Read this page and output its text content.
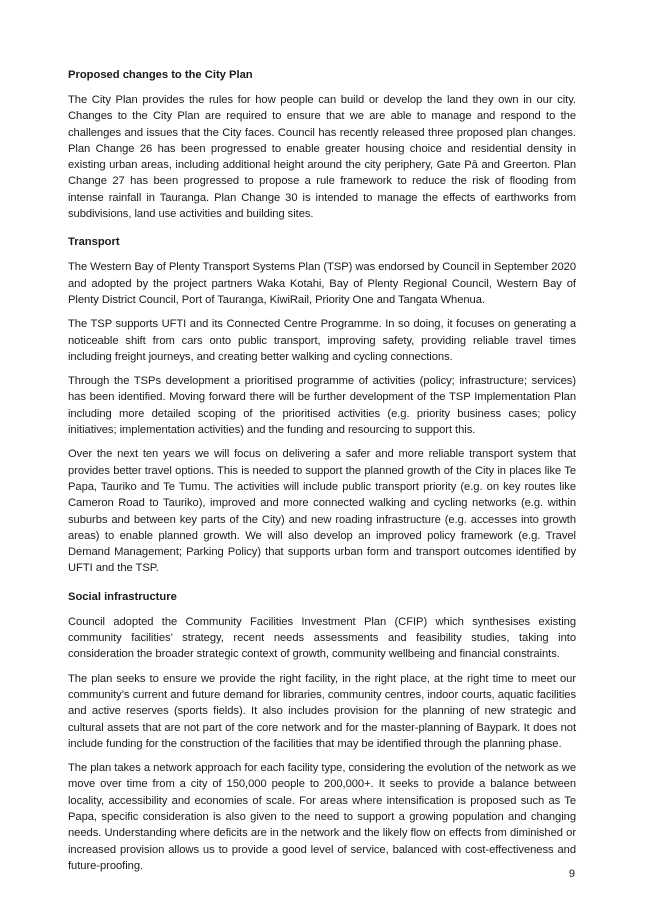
Proposed changes to the City Plan

The City Plan provides the rules for how people can build or develop the land they own in our city. Changes to the City Plan are required to ensure that we are able to manage and respond to the challenges and issues that the City faces. Council has recently released three proposed plan changes. Plan Change 26 has been progressed to enable greater housing choice and residential density in existing urban areas, including additional height around the city periphery, Gate Pā and Greerton. Plan Change 27 has been progressed to propose a rule framework to reduce the risk of flooding from intense rainfall in Tauranga. Plan Change 30 is intended to manage the effects of earthworks from subdivisions, land use activities and building sites.

Transport

The Western Bay of Plenty Transport Systems Plan (TSP) was endorsed by Council in September 2020 and adopted by the project partners Waka Kotahi, Bay of Plenty Regional Council, Western Bay of Plenty District Council, Port of Tauranga, KiwiRail, Priority One and Tangata Whenua.

The TSP supports UFTI and its Connected Centre Programme. In so doing, it focuses on generating a noticeable shift from cars onto public transport, improving safety, providing reliable travel times including freight journeys, and creating better walking and cycling connections.

Through the TSPs development a prioritised programme of activities (policy; infrastructure; services) has been identified. Moving forward there will be further development of the TSP Implementation Plan including more detailed scoping of the prioritised activities (e.g. priority business cases; policy initiatives; implementation activities) and the funding and resourcing to support this.

Over the next ten years we will focus on delivering a safer and more reliable transport system that provides better travel options. This is needed to support the planned growth of the City in places like Te Papa, Tauriko and Te Tumu. The activities will include public transport priority (e.g. on key routes like Cameron Road to Tauriko), improved and more connected walking and cycling networks (e.g. within suburbs and between key parts of the City) and new roading infrastructure (e.g. accesses into growth areas) to enable planned growth. We will also develop an improved policy framework (e.g. Travel Demand Management; Parking Policy) that supports urban form and transport outcomes identified by UFTI and the TSP.

Social infrastructure

Council adopted the Community Facilities Investment Plan (CFIP) which synthesises existing community facilities’ strategy, recent needs assessments and feasibility studies, taking into consideration the broader strategic context of growth, community wellbeing and financial constraints.

The plan seeks to ensure we provide the right facility, in the right place, at the right time to meet our community’s current and future demand for libraries, community centres, indoor courts, aquatic facilities and active reserves (sports fields). It also includes provision for the planning of new strategic and cultural assets that are not part of the core network and for the master-planning of Baypark. It does not include funding for the construction of the facilities that may be identified through the planning phase.

The plan takes a network approach for each facility type, considering the evolution of the network as we move over time from a city of 150,000 people to 200,000+. It seeks to provide a balance between locality, accessibility and economies of scale. For areas where intensification is proposed such as Te Papa, specific consideration is also given to the need to support a growing population and changing needs. Understanding where deficits are in the network and the likely flow on effects from diminished or increased provision allows us to provide a good level of service, balanced with cost-effectiveness and future-proofing.

9
